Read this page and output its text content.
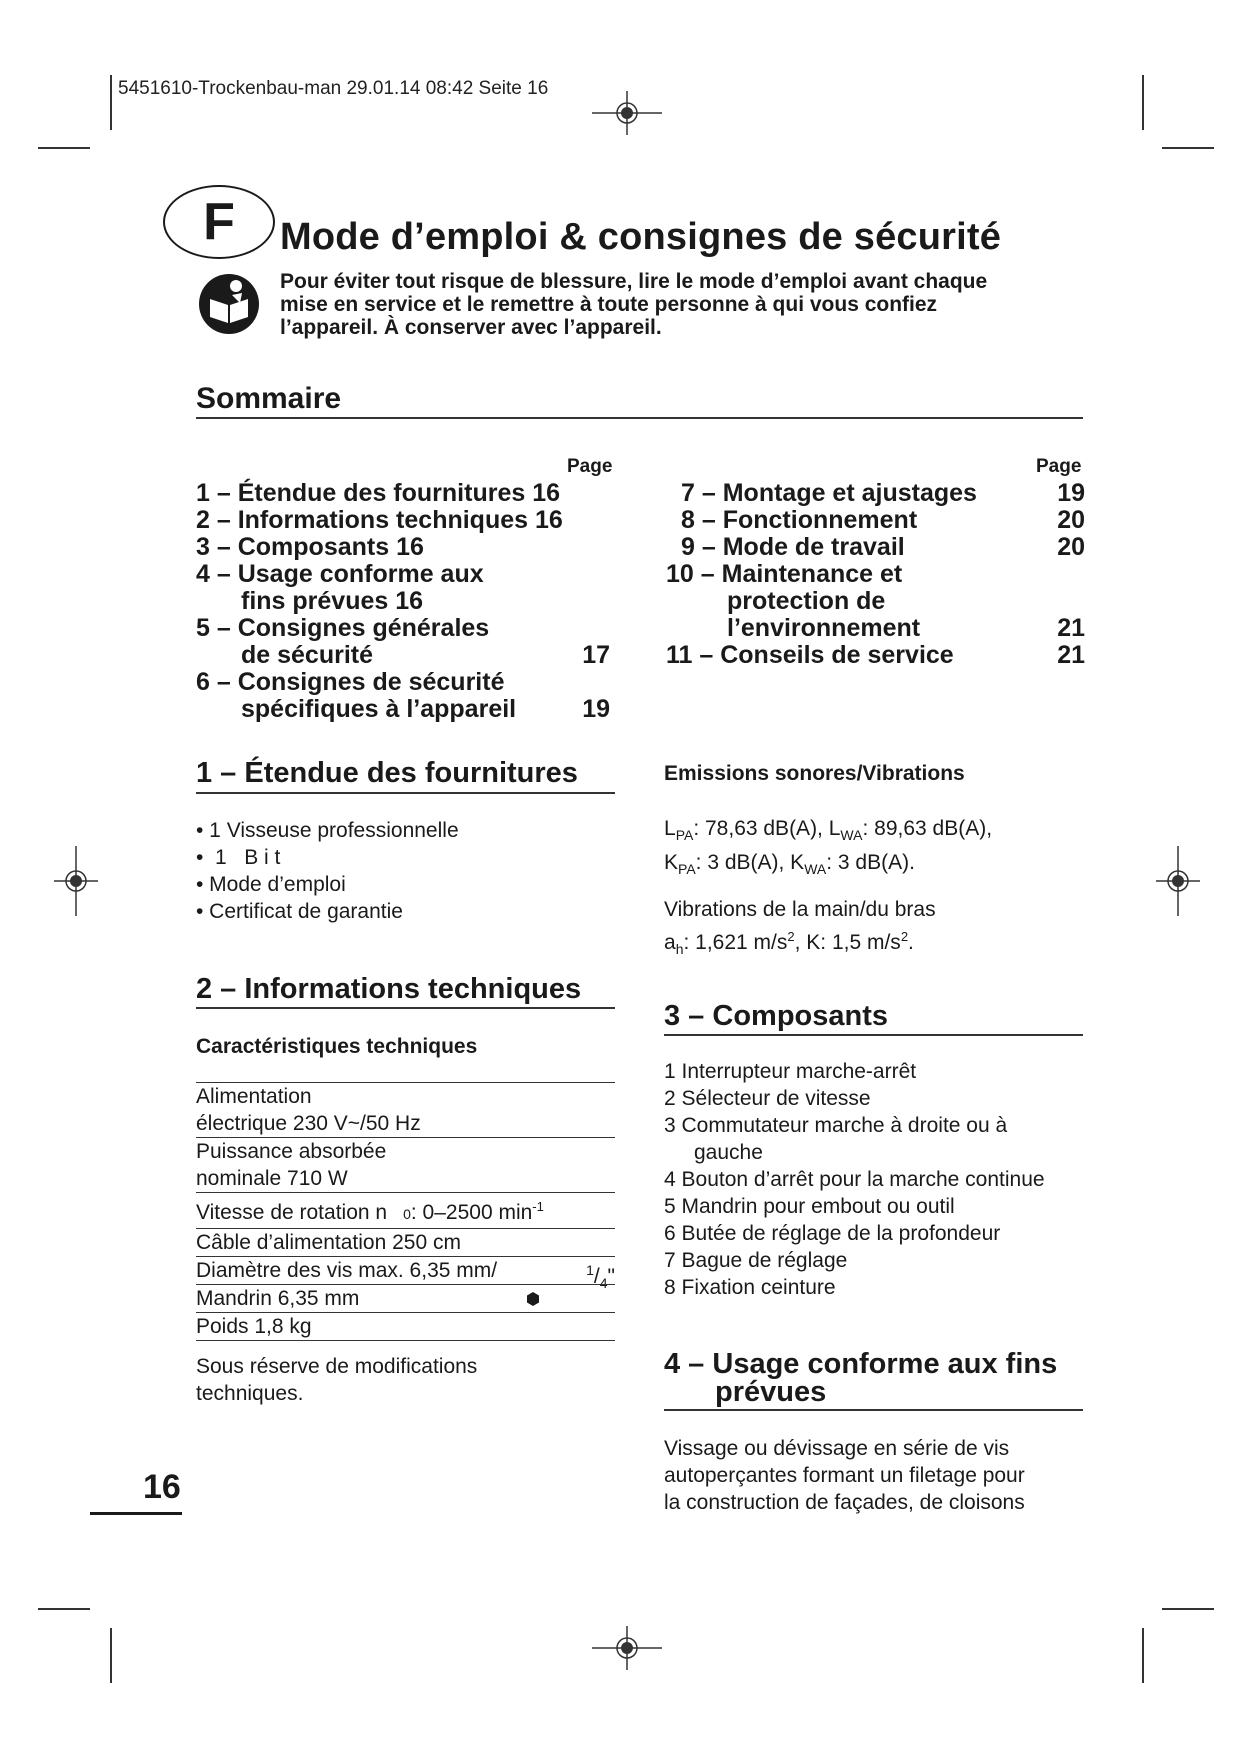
5451610-Trockenbau-man 29.01.14 08:42 Seite 16
F	Mode d’emploi & consignes de sécurité
Pour éviter tout risque de blessure, lire le mode d’emploi avant chaque
mise en service et le remettre à toute personne à qui vous confiez
l’appareil. À conserver avec l’appareil.
Sommaire
Page	Page
1 – Étendue des fournitures 16
2 – Informations techniques 16
3 – Composants 16
4 – Usage conforme aux
fins prévues 16
5 – Consignes générales
de sécurité	17
6 – Consignes de sécurité
spécifiques à l’appareil	19
7 – Montage et ajustages	19
8 – Fonctionnement	20
9 – Mode de travail	20
10 – Maintenance et
protection de
l’environnement	21
11 – Conseils de service	21
1 – Étendue des fournitures
• 1 Visseuse professionnelle
•  1   B i t
• Mode d’emploi
• Certificat de garantie
2 – Informations techniques
Caractéristiques techniques
Alimentation
électrique 230 V~/50 Hz
Puissance absorbée
nominale 710 W
Vitesse de rotation n 0: 0–2500 $\min^{-1}$
Câble d’alimentation 250 cm
Diamètre des vis max. 6,35 mm/	$^1/_4$"
Mandrin 6,35 mm
Poids 1,8 kg
Sous réserve de modifications
techniques.
Emissions sonores/Vibrations
$L_{PA}$: 78,63 dB(A), $L_{WA}$: 89,63 dB(A),
$K_{PA}$: 3 dB(A), $K_{WA}$: 3 dB(A).
Vibrations de la main/du bras
$a_h$: 1,621 $m/s^2$, K: 1,5 $m/s^2$.
3 – Composants
1 Interrupteur marche-arrêt
2 Sélecteur de vitesse
3 Commutateur marche à droite ou à
gauche
4 Bouton d’arrêt pour la marche continue
5 Mandrin pour embout ou outil
6 Butée de réglage de la profondeur
7 Bague de réglage
8 Fixation ceinture
4 – Usage conforme aux fins
prévues
Vissage ou dévissage en série de vis
autoperçantes formant un filetage pour
la construction de façades, de cloisons
16
